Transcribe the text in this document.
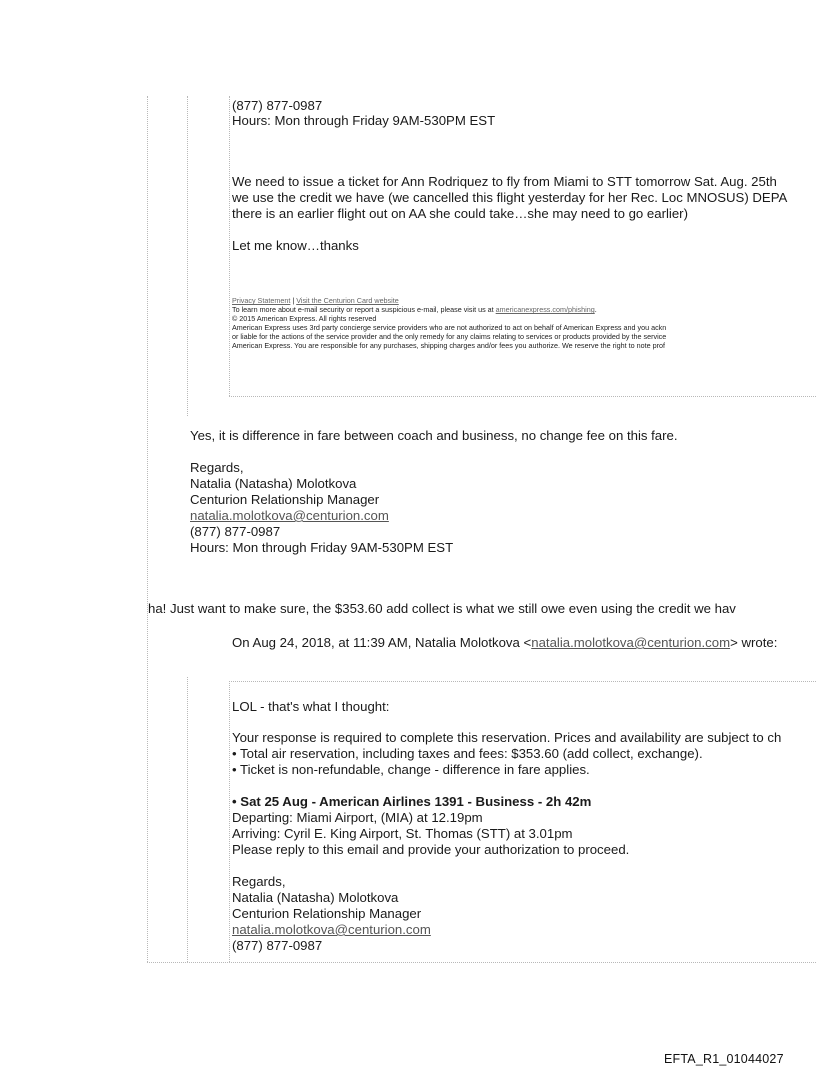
(877) 877-0987
Hours: Mon through Friday 9AM-530PM EST
We need to issue a ticket for Ann Rodriquez to fly from Miami to STT tomorrow Sat. Aug. 25th
we use the credit we have (we cancelled this flight yesterday for her Rec. Loc MNOSUS) DEPA
there is an earlier flight out on AA she could take…she may need to go earlier)
Let me know…thanks
Privacy Statement | Visit the Centurion Card website
To learn more about e-mail security or report a suspicious e-mail, please visit us at americanexpress.com/phishing.
© 2015 American Express. All rights reserved
American Express uses 3rd party concierge service providers who are not authorized to act on behalf of American Express and you ackn
or liable for the actions of the service provider and the only remedy for any claims relating to services or products provided by the service
American Express. You are responsible for any purchases, shipping charges and/or fees you authorize. We reserve the right to note prof
Yes, it is difference in fare between coach and business, no change fee on this fare.
Regards,
Natalia (Natasha) Molotkova
Centurion Relationship Manager
natalia.molotkova@centurion.com
(877) 877-0987
Hours: Mon through Friday 9AM-530PM EST
ha! Just want to make sure, the $353.60 add collect is what we still owe even using the credit we hav
On Aug 24, 2018, at 11:39 AM, Natalia Molotkova <natalia.molotkova@centurion.com> wrote:
LOL - that's what I thought:
Your response is required to complete this reservation. Prices and availability are subject to ch
• Total air reservation, including taxes and fees: $353.60 (add collect, exchange).
• Ticket is non-refundable, change - difference in fare applies.
• Sat 25 Aug - American Airlines 1391 - Business - 2h 42m
Departing: Miami Airport, (MIA) at 12.19pm
Arriving: Cyril E. King Airport, St. Thomas (STT) at 3.01pm
Please reply to this email and provide your authorization to proceed.
Regards,
Natalia (Natasha) Molotkova
Centurion Relationship Manager
natalia.molotkova@centurion.com
(877) 877-0987
EFTA_R1_01044027
